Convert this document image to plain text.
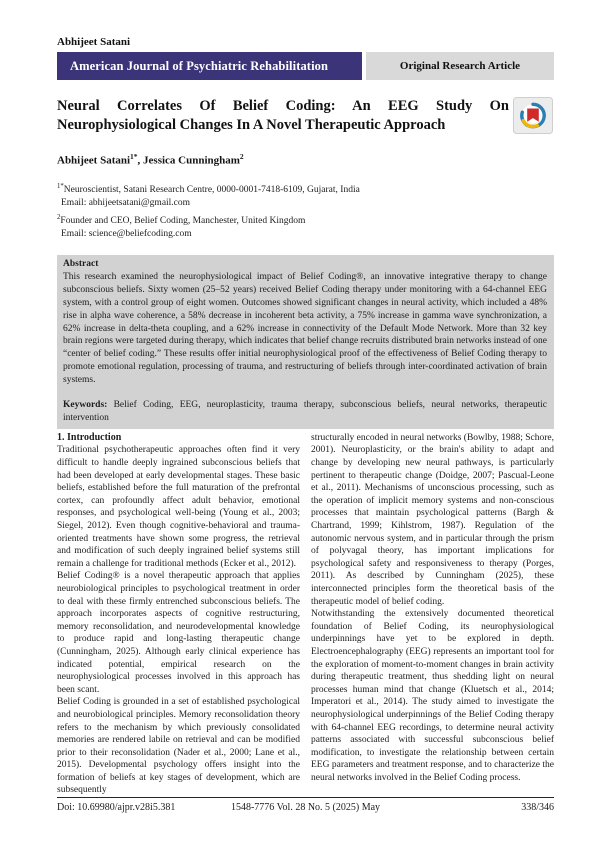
Abhijeet Satani
American Journal of Psychiatric Rehabilitation	Original Research Article
Neural Correlates Of Belief Coding: An EEG Study On Neurophysiological Changes In A Novel Therapeutic Approach
Abhijeet Satani$^{1*}$, Jessica Cunningham$^2$
$^{1*}$Neuroscientist, Satani Research Centre, 0000-0001-7418-6109, Gujarat, India
Email: abhijeetsatani@gmail.com
$^2$Founder and CEO, Belief Coding, Manchester, United Kingdom
Email: science@beliefcoding.com
Abstract
This research examined the neurophysiological impact of Belief Coding®, an innovative integrative therapy to change subconscious beliefs. Sixty women (25–52 years) received Belief Coding therapy under monitoring with a 64-channel EEG system, with a control group of eight women. Outcomes showed significant changes in neural activity, which included a 48% rise in alpha wave coherence, a 58% decrease in incoherent beta activity, a 75% increase in gamma wave synchronization, a 62% increase in delta-theta coupling, and a 62% increase in connectivity of the Default Mode Network. More than 32 key brain regions were targeted during therapy, which indicates that belief change recruits distributed brain networks instead of one “center of belief coding.” These results offer initial neurophysiological proof of the effectiveness of Belief Coding therapy to promote emotional regulation, processing of trauma, and restructuring of beliefs through inter-coordinated activation of brain systems.
Keywords: Belief Coding, EEG, neuroplasticity, trauma therapy, subconscious beliefs, neural networks, therapeutic intervention
1. Introduction

Traditional psychotherapeutic approaches often find it very difficult to handle deeply ingrained subconscious beliefs that had been developed at early developmental stages. These basic beliefs, established before the full maturation of the prefrontal cortex, can profoundly affect adult behavior, emotional responses, and psychological well-being (Young et al., 2003; Siegel, 2012). Even though cognitive-behavioral and trauma-oriented treatments have shown some progress, the retrieval and modification of such deeply ingrained belief systems still remain a challenge for traditional methods (Ecker et al., 2012).

Belief Coding® is a novel therapeutic approach that applies neurobiological principles to psychological treatment in order to deal with these firmly entrenched subconscious beliefs. The approach incorporates aspects of cognitive restructuring, memory reconsolidation, and neurodevelopmental knowledge to produce rapid and long-lasting therapeutic change (Cunningham, 2025). Although early clinical experience has indicated potential, empirical research on the neurophysiological processes involved in this approach has been scant.

Belief Coding is grounded in a set of established psychological and neurobiological principles. Memory reconsolidation theory refers to the mechanism by which previously consolidated memories are rendered labile on retrieval and can be modified prior to their reconsolidation (Nader et al., 2000; Lane et al., 2015). Developmental psychology offers insight into the formation of beliefs at key stages of development, which are subsequently

structurally encoded in neural networks (Bowlby, 1988; Schore, 2001). Neuroplasticity, or the brain's ability to adapt and change by developing new neural pathways, is particularly pertinent to therapeutic change (Doidge, 2007; Pascual-Leone et al., 2011). Mechanisms of unconscious processing, such as the operation of implicit memory systems and non-conscious processes that maintain psychological patterns (Bargh & Chartrand, 1999; Kihlstrom, 1987). Regulation of the autonomic nervous system, and in particular through the prism of polyvagal theory, has important implications for psychological safety and responsiveness to therapy (Porges, 2011). As described by Cunningham (2025), these interconnected principles form the theoretical basis of the therapeutic model of belief coding.

Notwithstanding the extensively documented theoretical foundation of Belief Coding, its neurophysiological underpinnings have yet to be explored in depth. Electroencephalography (EEG) represents an important tool for the exploration of moment-to-moment changes in brain activity during therapeutic treatment, thus shedding light on neural processes human mind that change (Kluetsch et al., 2014; Imperatori et al., 2014). The study aimed to investigate the neurophysiological underpinnings of the Belief Coding therapy with 64-channel EEG recordings, to determine neural activity patterns associated with successful subconscious belief modification, to investigate the relationship between certain EEG parameters and treatment response, and to characterize the neural networks involved in the Belief Coding process.

Doi: 10.69980/ajpr.v28i5.381	1548-7776 Vol. 28 No. 5 (2025) May	338/346
